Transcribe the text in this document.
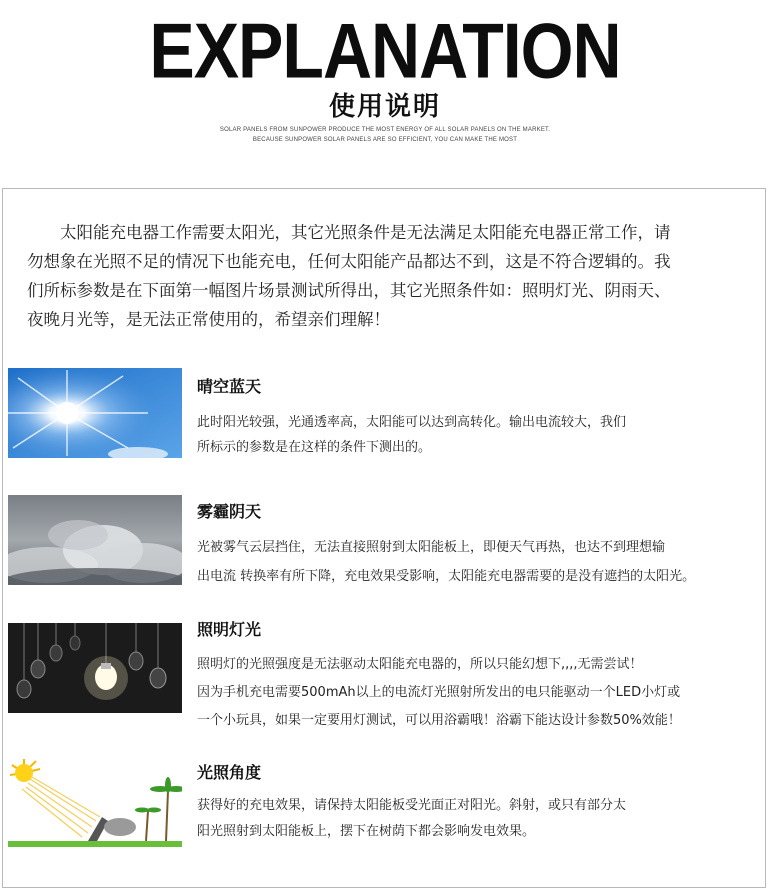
EXPLANATION
使用说明
SOLAR PANELS FROM SUNPOWER PRODUCE THE MOST ENERGY OF ALL SOLAR PANELS ON THE MARKET.
BECAUSE SUNPOWER SOLAR PANELS ARE SO EFFICIENT, YOU CAN MAKE THE MOST
　　太阳能充电器工作需要太阳光，其它光照条件是无法满足太阳能充电器正常工作，请
勿想象在光照不足的情况下也能充电，任何太阳能产品都达不到，这是不符合逻辑的。我
们所标参数是在下面第一幅图片场景测试所得出，其它光照条件如：照明灯光、阴雨天、
夜晚月光等，是无法正常使用的，希望亲们理解！
晴空蓝天
此时阳光较强，光通透率高，太阳能可以达到高转化。输出电流较大，我们
所标示的参数是在这样的条件下测出的。
雾霾阴天
光被雾气云层挡住，无法直接照射到太阳能板上，即便天气再热，也达不到理想输
出电流 转换率有所下降，充电效果受影响，太阳能充电器需要的是没有遮挡的太阳光。
照明灯光
照明灯的光照强度是无法驱动太阳能充电器的，所以只能幻想下,,,,无需尝试！
因为手机充电需要500mAh以上的电流灯光照射所发出的电只能驱动一个LED小灯或
一个小玩具，如果一定要用灯测试，可以用浴霸哦！浴霸下能达设计参数50%效能！
光照角度
获得好的充电效果，请保持太阳能板受光面正对阳光。斜射，或只有部分太
阳光照射到太阳能板上，摆下在树荫下都会影响发电效果。
